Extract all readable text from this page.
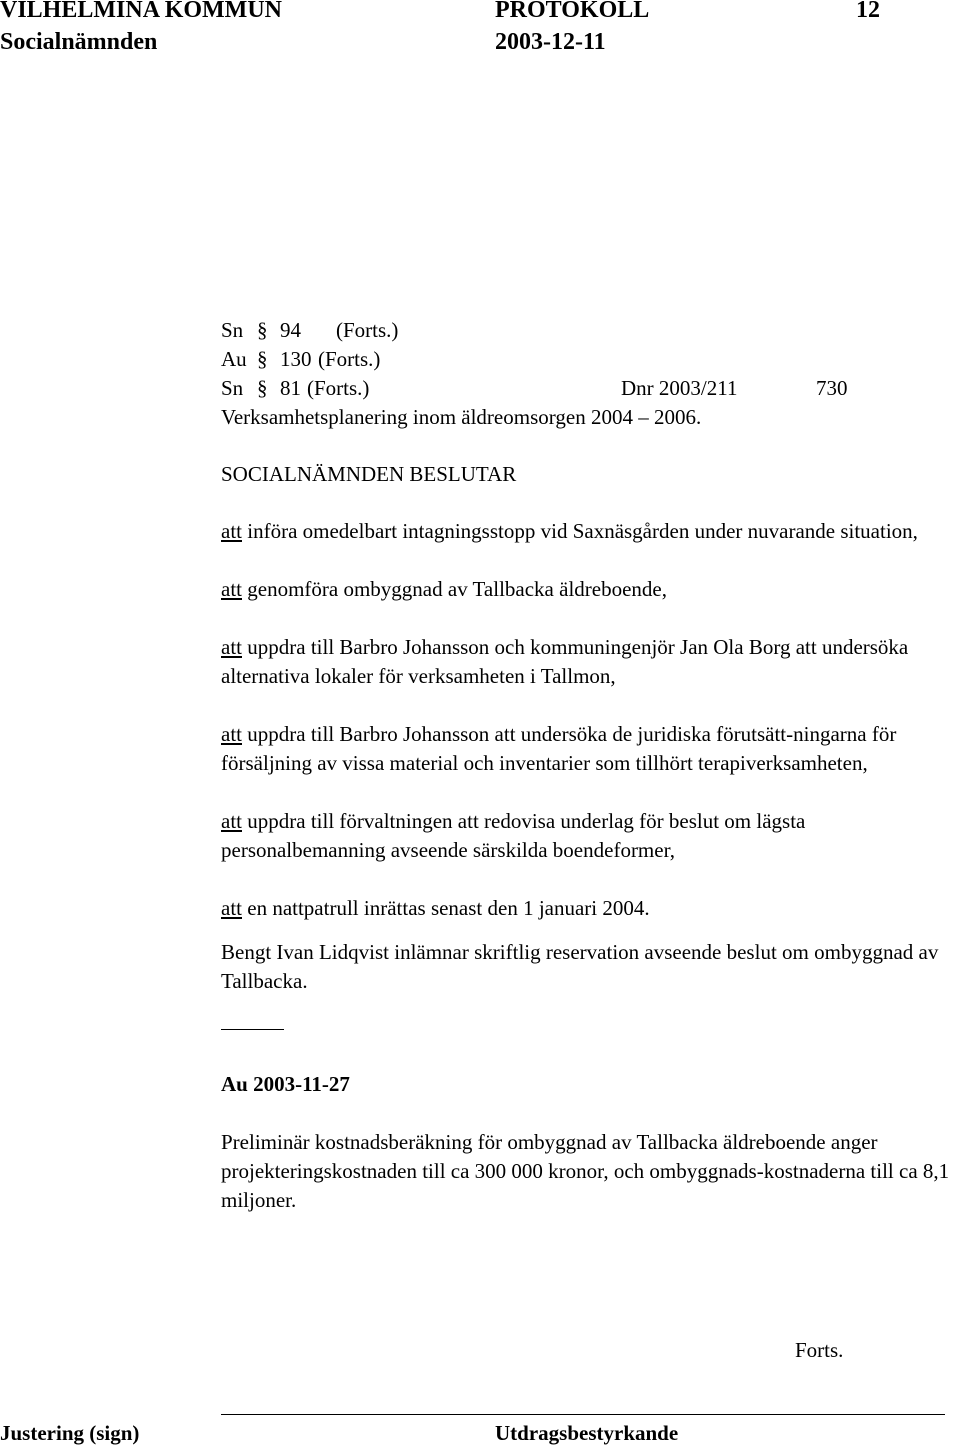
VILHELMINA KOMMUN	PROTOKOLL	12
Socialnämnden	2003-12-11
Sn § 94 (Forts.)
Au § 130 (Forts.)
Sn § 81 (Forts.)	Dnr 2003/211	730

Verksamhetsplanering inom äldreomsorgen 2004 – 2006.

SOCIALNÄMNDEN BESLUTAR

att införa omedelbart intagningsstopp vid Saxnäsgården under nuvarande situation,

att genomföra ombyggnad av Tallbacka äldreboende,

att uppdra till Barbro Johansson och kommuningenjör Jan Ola Borg att undersöka alternativa lokaler för verksamheten i Tallmon,

att uppdra till Barbro Johansson att undersöka de juridiska förutsätt-ningarna för försäljning av vissa material och inventarier som tillhört terapiverksamheten,

att uppdra till förvaltningen att redovisa underlag för beslut om lägsta personalbemanning avseende särskilda boendeformer,

att en nattpatrull inrättas senast den 1 januari 2004.

Bengt Ivan Lidqvist inlämnar skriftlig reservation avseende beslut om ombyggnad av Tallbacka.

Au 2003-11-27

Preliminär kostnadsberäkning för ombyggnad av Tallbacka äldreboende anger projekteringskostnaden till ca 300 000 kronor, och ombyggnads-kostnaderna till ca 8,1 miljoner.

Forts.
Justering (sign)	Utdragsbestyrkande
